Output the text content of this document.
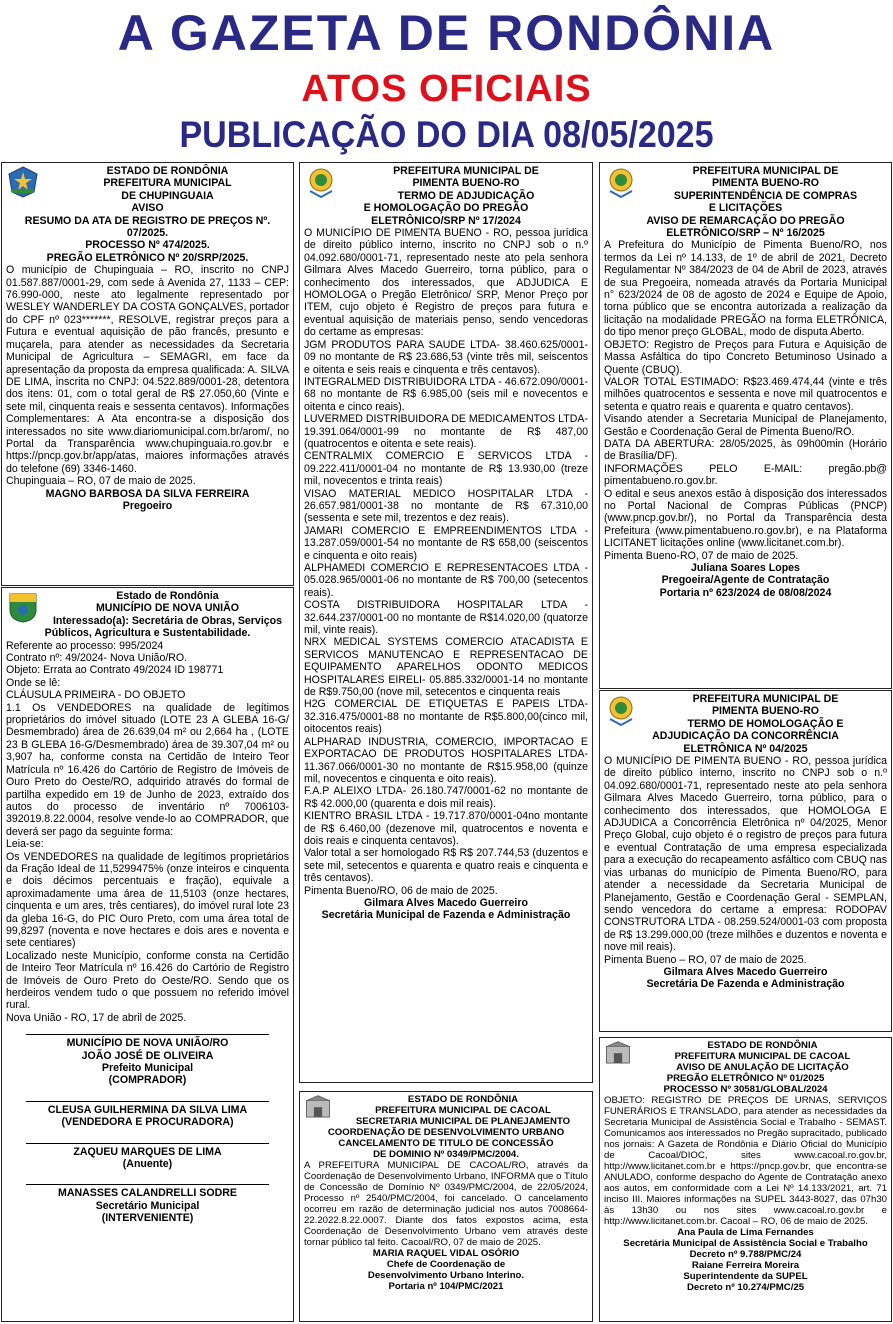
A GAZETA DE RONDÔNIA
ATOS OFICIAIS
PUBLICAÇÃO DO DIA 08/05/2025

ESTADO DE RONDÔNIA

PREFEITURA MUNICIPAL

DE CHUPINGUAIA

AVISO

RESUMO DA ATA DE REGISTRO DE PREÇOS Nº. 07/2025.

PROCESSO Nº 474/2025.

PREGÃO ELETRÔNICO Nº 20/SRP/2025.

O município de Chupinguaia – RO, inscrito no CNPJ 01.587.887/0001-29, com sede à Avenida 27, 1133 – CEP: 76.990-000, neste ato legalmente representado por WESLEY WANDERLEY DA COSTA GONÇALVES, portador do CPF nº 023*******, RESOLVE, registrar preços para a Futura e eventual aquisição de pão francês, presunto e muçarela, para atender as necessidades da Secretaria Municipal de Agricultura – SEMAGRI, em face da apresentação da proposta da empresa qualificada: A. SILVA DE LIMA, inscrita no CNPJ: 04.522.889/0001-28, detentora dos itens: 01, com o total geral de R$ 27.050,60 (Vinte e sete mil, cinquenta reais e sessenta centavos). Informações Complementares: A Ata encontra-se a disposição dos interessados no site www.diariomunicipal.com.br/arom/, no Portal da Transparência www.chupinguaia.ro.gov.br e https://pncp.gov.br/app/atas, maiores informações através do telefone (69) 3346-1460.

Chupinguaia – RO, 07 de maio de 2025.

MAGNO BARBOSA DA SILVA FERREIRA

Pregoeiro

Estado de Rondônia

MUNICÍPIO DE NOVA UNIÃO

Interessado(a): Secretária de Obras, Serviços Públicos, Agricultura e Sustentabilidade.

Referente ao processo: 995/2024

Contrato nº: 49/2024- Nova União/RO.

Objeto: Errata ao Contrato 49/2024 ID 198771

Onde se lê:

CLÁUSULA PRIMEIRA - DO OBJETO

1.1 Os VENDEDORES na qualidade de legítimos proprietários do imóvel situado (LOTE 23 A GLEBA 16-G/ Desmembrado) área de 26.639,04 m² ou 2,664 ha , (LOTE 23 B GLEBA 16-G/Desmembrado) área de 39.307,04 m² ou 3,907 ha, conforme consta na Certidão de Inteiro Teor Matrícula nº 16.426 do Cartório de Registro de Imóveis de Ouro Preto do Oeste/RO, adquirido através do formal de partilha expedido em 19 de Junho de 2023, extraído dos autos do processo de inventário nº 7006103-392019.8.22.0004, resolve vende-lo ao COMPRADOR, que deverá ser pago da seguinte forma:

Leia-se:

Os VENDEDORES na qualidade de legítimos proprietários da Fração Ideal de 11,5299475% (onze inteiros e cinquenta e dois décimos percentuais e fração), equivale a aproximadamente uma área de 11,5103 (onze hectares, cinquenta e um ares, três centiares), do imóvel rural lote 23 da gleba 16-G, do PIC Ouro Preto, com uma área total de 99,8297 (noventa e nove hectares e dois ares e noventa e sete centiares)

Localizado neste Município, conforme consta na Certidão de Inteiro Teor Matrícula nº 16.426 do Cartório de Registro de Imóveis de Ouro Preto do Oeste/RO. Sendo que os herdeiros vendem tudo o que possuem no referido imóvel rural.

Nova União - RO, 17 de abril de 2025.

MUNICÍPIO DE NOVA UNIÃO/RO

JOÃO JOSÉ DE OLIVEIRA

Prefeito Municipal

(COMPRADOR)

CLEUSA GUILHERMINA DA SILVA LIMA

(VENDEDORA E PROCURADORA)

ZAQUEU MARQUES DE LIMA

(Anuente)

MANASSES CALANDRELLI SODRE

Secretário Municipal

(INTERVENIENTE)

PREFEITURA MUNICIPAL DE

PIMENTA BUENO-RO

TERMO DE ADJUDICAÇÃO

E HOMOLOGAÇÃO DO PREGÃO

ELETRÔNICO/SRP Nº 17/2024

O MUNICÍPIO DE PIMENTA BUENO - RO, pessoa jurídica de direito público interno, inscrito no CNPJ sob o n.º 04.092.680/0001-71, representado neste ato pela senhora Gilmara Alves Macedo Guerreiro, torna público, para o conhecimento dos interessados, que ADJUDICA E HOMOLOGA o Pregão Eletrônico/ SRP, Menor Preço por ITEM, cujo objeto é Registro de preços para futura e eventual aquisição de materiais penso, sendo vencedoras do certame as empresas:

JGM PRODUTOS PARA SAUDE LTDA- 38.460.625/0001-09 no montante de R$ 23.686,53 (vinte três mil, seiscentos e oitenta e seis reais e cinquenta e três centavos).

INTEGRALMED DISTRIBUIDORA LTDA - 46.672.090/0001-68 no montante de R$ 6.985,00 (seis mil e novecentos e oitenta e cinco reais).

LUVERMED DISTRIBUIDORA DE MEDICAMENTOS LTDA- 19.391.064/0001-99 no montante de R$ 487,00 (quatrocentos e oitenta e sete reais).

CENTRALMIX COMERCIO E SERVICOS LTDA - 09.222.411/0001-04 no montante de R$ 13.930,00 (treze mil, novecentos e trinta reais)

VISAO MATERIAL MEDICO HOSPITALAR LTDA - 26.657.981/0001-38 no montante de R$ 67.310,00 (sessenta e sete mil, trezentos e dez reais).

JAMARI COMERCIO E EMPREENDIMENTOS LTDA - 13.287.059/0001-54 no montante de R$ 658,00 (seiscentos e cinquenta e oito reais)

ALPHAMEDI COMERCIO E REPRESENTACOES LTDA - 05.028.965/0001-06 no montante de R$ 700,00 (setecentos reais).

COSTA DISTRIBUIDORA HOSPITALAR LTDA - 32.644.237/0001-00 no montante de R$14.020,00 (quatorze mil, vinte reais).

NRX MEDICAL SYSTEMS COMERCIO ATACADISTA E SERVICOS MANUTENCAO E REPRESENTACAO DE EQUIPAMENTO APARELHOS ODONTO MEDICOS HOSPITALARES EIRELI- 05.885.332/0001-14 no montante de R$9.750,00 (nove mil, setecentos e cinquenta reais

H2G COMERCIAL DE ETIQUETAS E PAPEIS LTDA-32.316.475/0001-88 no montante de R$5.800,00(cinco mil, oitocentos reais)

ALPHARAD INDUSTRIA, COMERCIO, IMPORTACAO E EXPORTACAO DE PRODUTOS HOSPITALARES LTDA- 11.367.066/0001-30 no montante de R$15.958,00 (quinze mil, novecentos e cinquenta e oito reais).

F.A.P ALEIXO LTDA- 26.180.747/0001-62 no montante de R$ 42.000,00 (quarenta e dois mil reais).

KIENTRO BRASIL LTDA - 19.717.870/0001-04no montante de R$ 6.460,00 (dezenove mil, quatrocentos e noventa e dois reais e cinquenta centavos).

Valor total a ser homologado R$ R$ 207.744,53 (duzentos e sete mil, setecentos e quarenta e quatro reais e cinquenta e três centavos).

Pimenta Bueno/RO, 06 de maio de 2025.

Gilmara Alves Macedo Guerreiro

Secretária Municipal de Fazenda e Administração

ESTADO DE RONDÔNIA

PREFEITURA MUNICIPAL DE CACOAL

SECRETARIA MUNICIPAL DE PLANEJAMENTO

COORDENAÇÃO DE DESENVOLVIMENTO URBANO

CANCELAMENTO DE TITULO DE CONCESSÃO

DE DOMINIO Nº 0349/PMC/2004.

A PREFEITURA MUNICIPAL DE CACOAL/RO, através da Coordenação de Desenvolvimento Urbano, INFORMA que o Título de Concessão de Domínio Nº 0349/PMC/2004, de 22/05/2024, Processo nº 2540/PMC/2004, foi cancelado. O cancelamento ocorreu em razão de determinação judicial nos autos 7008664-22.2022.8.22.0007. Diante dos fatos expostos acima, esta Coordenação de Desenvolvimento Urbano vem através deste tornar público tal feito. Cacoal/RO, 07 de maio de 2025.

MARIA RAQUEL VIDAL OSÓRIO

Chefe de Coordenação de

Desenvolvimento Urbano Interino.

Portaria nº 104/PMC/2021

PREFEITURA MUNICIPAL DE

PIMENTA BUENO-RO

SUPERINTENDÊNCIA DE COMPRAS

E LICITAÇÕES

AVISO DE REMARCAÇÃO DO PREGÃO

ELETRÔNICO/SRP – Nº 16/2025

A Prefeitura do Município de Pimenta Bueno/RO, nos termos da Lei nº 14.133, de 1º de abril de 2021, Decreto Regulamentar Nº 384/2023 de 04 de Abril de 2023, através de sua Pregoeira, nomeada através da Portaria Municipal n° 623/2024 de 08 de agosto de 2024 e Equipe de Apoio, torna público que se encontra autorizada a realização da licitação na modalidade PREGÃO na forma ELETRÔNICA, do tipo menor preço GLOBAL, modo de disputa Aberto.

OBJETO: Registro de Preços para Futura e Aquisição de Massa Asfáltica do tipo Concreto Betuminoso Usinado a Quente (CBUQ).

VALOR TOTAL ESTIMADO: R$23.469.474,44 (vinte e três milhões quatrocentos e sessenta e nove mil quatrocentos e setenta e quatro reais e quarenta e quatro centavos).

Visando atender a Secretaria Municipal de Planejamento, Gestão e Coordenação Geral de Pimenta Bueno/RO.

DATA DA ABERTURA: 28/05/2025, às 09h00min (Horário de Brasília/DF).

INFORMAÇÕES PELO E-MAIL: pregão.pb@ pimentabueno.ro.gov.br.

O edital e seus anexos estão à disposição dos interessados no Portal Nacional de Compras Públicas (PNCP) (www.pncp.gov.br/), no Portal da Transparência desta Prefeitura (www.pimentabueno.ro.gov.br), e na Plataforma LICITANET licitações online (www.licitanet.com.br).

Pimenta Bueno-RO, 07 de maio de 2025.

Juliana Soares Lopes

Pregoeira/Agente de Contratação

Portaria nº 623/2024 de 08/08/2024

PREFEITURA MUNICIPAL DE

PIMENTA BUENO-RO

TERMO DE HOMOLOGAÇÃO E

ADJUDICAÇÃO DA CONCORRÊNCIA

ELETRÔNICA Nº 04/2025

O MUNICÍPIO DE PIMENTA BUENO - RO, pessoa jurídica de direito público interno, inscrito no CNPJ sob o n.º 04.092.680/0001-71, representado neste ato pela senhora Gilmara Alves Macedo Guerreiro, torna público, para o conhecimento dos interessados, que HOMOLOGA E ADJUDICA a Concorrência Eletrônica nº 04/2025, Menor Preço Global, cujo objeto é o registro de preços para futura e eventual Contratação de uma empresa especializada para a execução do recapeamento asfáltico com CBUQ nas vias urbanas do município de Pimenta Bueno/RO, para atender a necessidade da Secretaria Municipal de Planejamento, Gestão e Coordenação Geral - SEMPLAN, sendo vencedora do certame a empresa: RODOPAV CONSTRUTORA LTDA - 08.259.524/0001-03 com proposta de R$ 13.299.000,00 (treze milhões e duzentos e noventa e nove mil reais).

Pimenta Bueno – RO, 07 de maio de 2025.

Gilmara Alves Macedo Guerreiro

Secretária De Fazenda e Administração

ESTADO DE RONDÔNIA

PREFEITURA MUNICIPAL DE CACOAL

AVISO DE ANULAÇÃO DE LICITAÇÃO

PREGÃO ELETRÔNICO Nº 01/2025

PROCESSO Nº 30581/GLOBAL/2024

OBJETO: REGISTRO DE PREÇOS DE URNAS, SERVIÇOS FUNERÁRIOS E TRANSLADO, para atender as necessidades da Secretaria Municipal de Assistência Social e Trabalho - SEMAST. Comunicamos aos interessados no Pregão supracitado, publicado nos jornais: A Gazeta de Rondônia e Diário Oficial do Município de Cacoal/DIOC, sites www.cacoal.ro.gov.br, http://www.licitanet.com.br e https://pncp.gov.br, que encontra-se ANULADO, conforme despacho do Agente de Contratação anexo aos autos, em conformidade com a Lei Nº 14.133/2021, art. 71 inciso III. Maiores informações na SUPEL 3443-8027, das 07h30 às 13h30 ou nos sites www.cacoal.ro.gov.br e http://www.licitanet.com.br. Cacoal – RO, 06 de maio de 2025.

Ana Paula de Lima Fernandes

Secretária Municipal de Assistência Social e Trabalho

Decreto nº 9.788/PMC/24

Raiane Ferreira Moreira

Superintendente da SUPEL

Decreto nº 10.274/PMC/25
